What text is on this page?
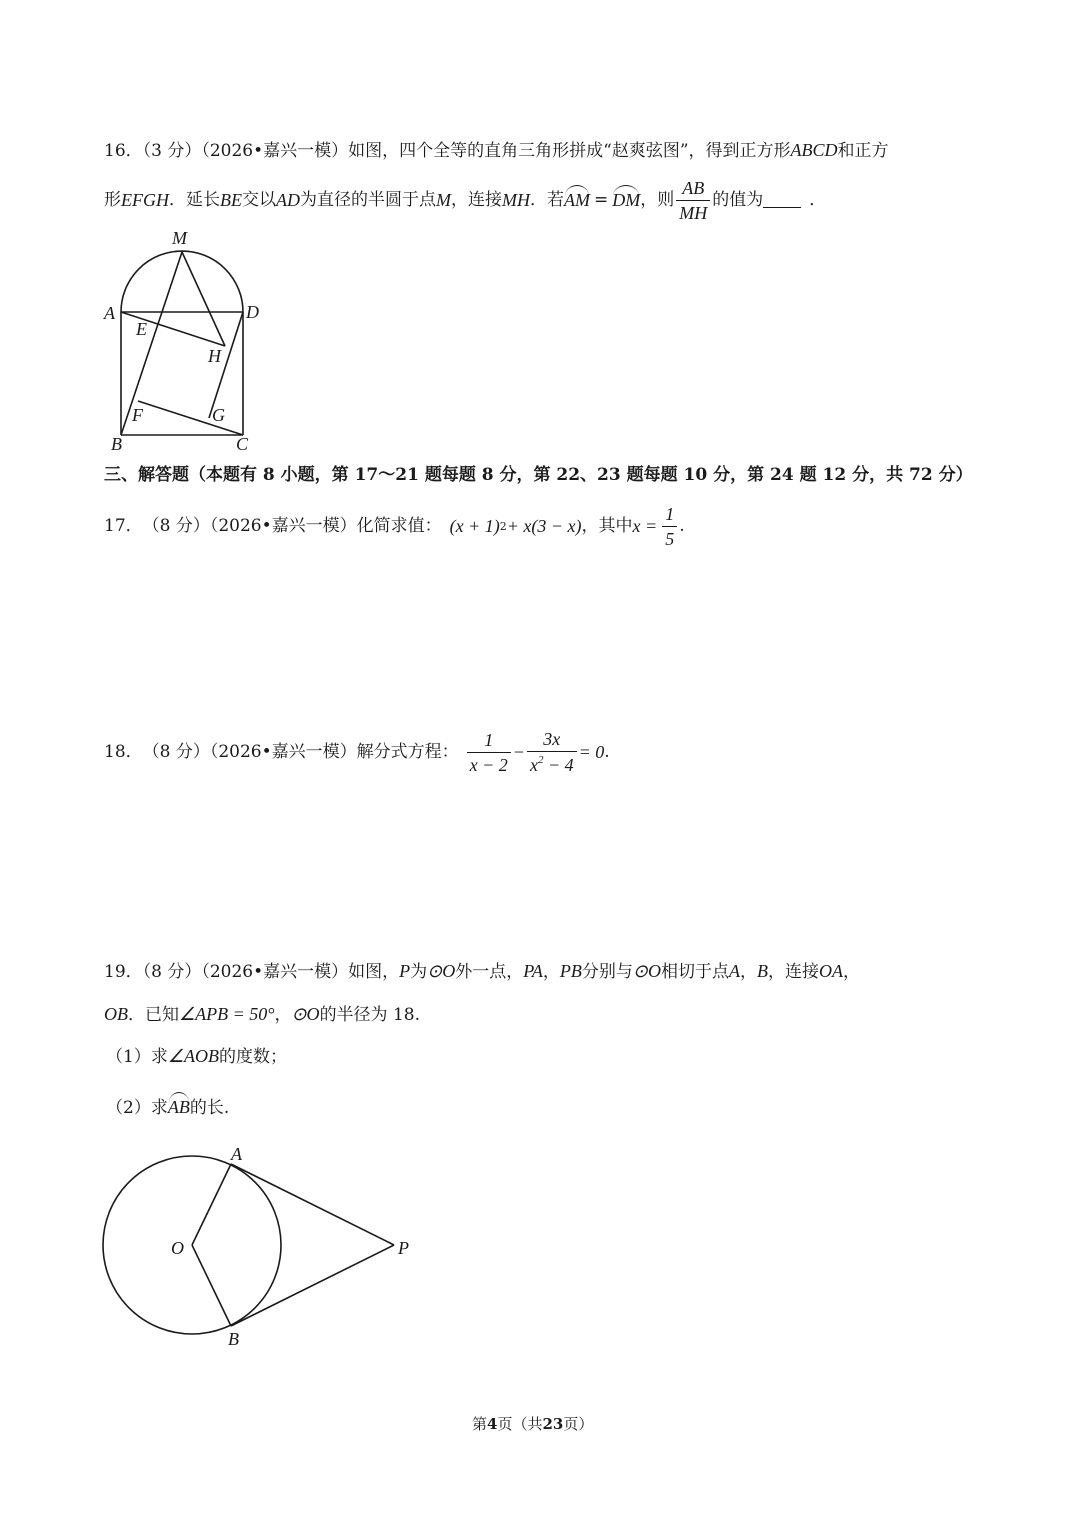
16．（3 分）（2026•嘉兴一模）如图，四个全等的直角三角形拼成“赵爽弦图”，得到正方形ABCD和正方
形 EFGH ．延长 BE 交以 AD 为直径的半圆于点 M ，连接 MH ．若 AM = DM ，则 $\frac{AB}{MH}$ 的值为	．
M
A	D
E
H
F	G
B	C
三、解答题（本题有 8 小题，第 17～21 题每题 8 分，第 22、23 题每题 10 分，第 24 题 12 分，共 72 分）
17． （8 分）（2026•嘉兴一模） 化简求值： (x + 1) 2 + x(3 − x) ，其中 $x = \frac{1}{5}$ .
18． （8 分）（2026•嘉兴一模） 解分式方程： $\frac{1}{x - 2} - \frac{3x}{x^2 - 4} = 0$ .
19．（8 分）（2026•嘉兴一模）如图，P为⊙O外一点，PA，PB分别与⊙O相切于点A，B，连接OA，
OB．已知∠APB = 50°，⊙O的半径为 18.
（1）求∠AOB的度数；
（2）求AB的长.
A
O	P
B
第4页（共23页）
